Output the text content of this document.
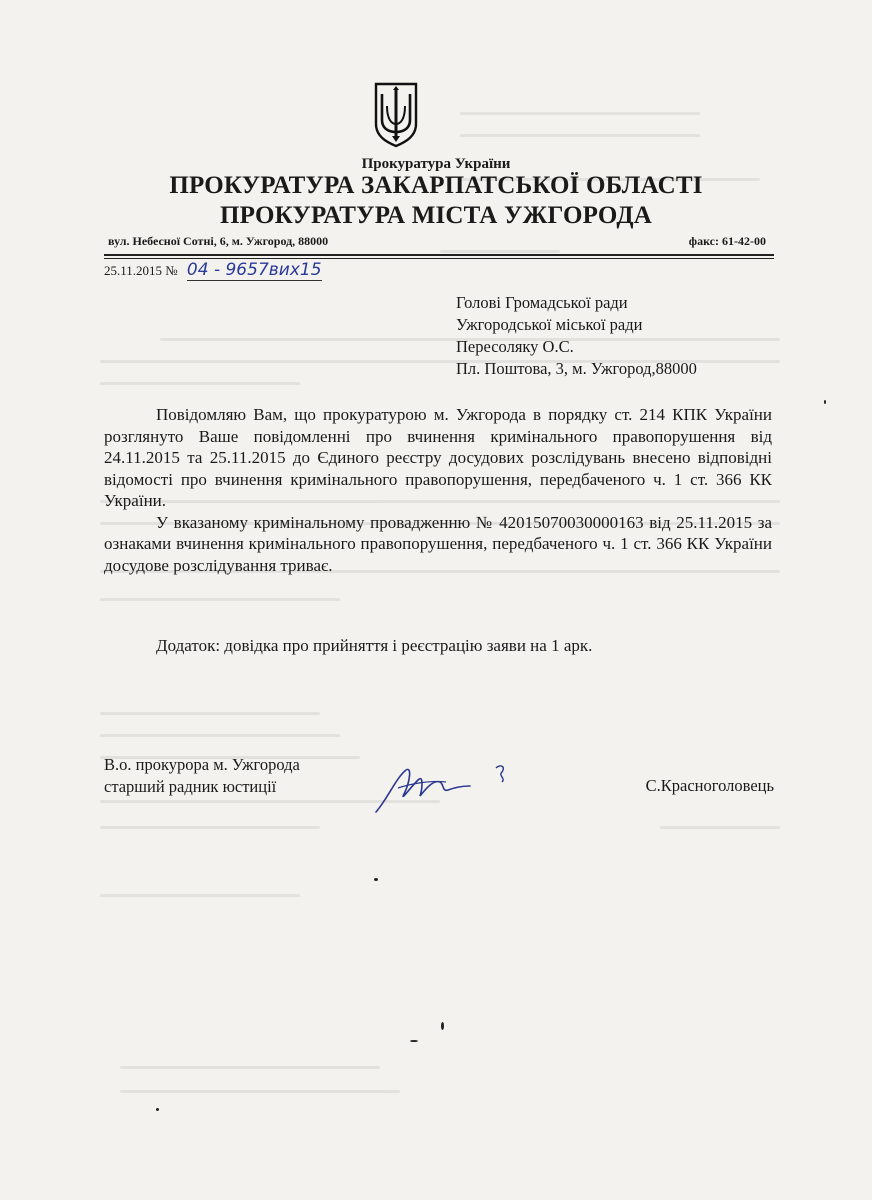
Прокуратура України
ПРОКУРАТУРА ЗАКАРПАТСЬКОЇ ОБЛАСТІ
ПРОКУРАТУРА МІСТА УЖГОРОДА
вул. Небесної Сотні, 6, м. Ужгород, 88000	факс: 61-42-00
25.11.2015 № 04 - 9657вих15
Голові Громадської ради
Ужгородської міської ради
Пересоляку О.С.
Пл. Поштова, 3, м. Ужгород,88000

Повідомляю Вам, що прокуратурою м. Ужгорода в порядку ст. 214 КПК України розглянуто Ваше повідомленні про вчинення кримінального правопорушення від 24.11.2015 та 25.11.2015 до Єдиного реєстру досудових розслідувань внесено відповідні відомості про вчинення кримінального правопорушення, передбаченого ч. 1 ст. 366 КК України.

У вказаному кримінальному провадженню № 42015070030000163 від 25.11.2015 за ознаками вчинення кримінального правопорушення, передбаченого ч. 1 ст. 366 КК України досудове розслідування триває.

Додаток: довідка про прийняття і реєстрацію заяви на 1 арк.
В.о. прокурора м. Ужгорода
старший радник юстиції	С.Красноголовець
